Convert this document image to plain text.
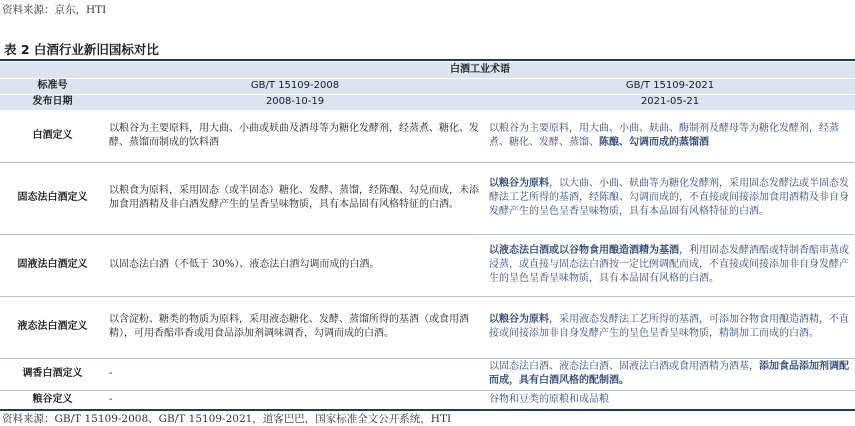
资料来源：京东，HTI
表 2 白酒行业新旧国标对比
	白酒工业术语	
标准号	GB/T 15109-2008	GB/T 15109-2021
发布日期	2008-10-19	2021-05-21
白酒定义	以粮谷为主要原料，用大曲、小曲或麸曲及酒母等为糖化发酵剂，经蒸煮、糖化、发酵、蒸馏而制成的饮料酒	以粮谷为主要原料，用大曲、小曲、麸曲、酶制剂及酵母等为糖化发酵剂，经蒸煮、糖化、发酵、蒸馏、陈酿、勾调而成的蒸馏酒
固态法白酒定义	以粮食为原料，采用固态（或半固态）糖化、发酵、蒸馏，经陈酿、勾兑而成，未添加食用酒精及非白酒发酵产生的呈香呈味物质，具有本品固有风格特征的白酒。	以粮谷为原料，以大曲、小曲、麸曲等为糖化发酵剂，采用固态发酵法或半固态发酵法工艺所得的基酒，经陈酿、勾调而成的，不直接或间接添加食用酒精及非自身发酵产生的呈色呈香呈味物质，具有本品固有风格特征的白酒。
固液法白酒定义	以固态法白酒（不低于 30%）、液态法白酒勾调而成的白酒。	以液态法白酒或以谷物食用酿造酒精为基酒，利用固态发酵酒醅或特制香醅串蒸或浸蒸，或直接与固态法白酒按一定比例调配而成，不直接或间接添加非自身发酵产生的呈色呈香呈味物质，具有本品固有风格的白酒。
液态法白酒定义	以含淀粉、糖类的物质为原料，采用液态糖化、发酵、蒸馏所得的基酒（或食用酒精），可用香醅串香或用食品添加剂调味调香，勾调而成的白酒。	以粮谷为原料，采用液态发酵法工艺所得的基酒，可添加谷物食用酿造酒精，不直接或间接添加非自身发酵产生的呈色呈香呈味物质，精制加工而成的白酒。
调香白酒定义	-	以固态法白酒、液态法白酒、固液法白酒或食用酒精为酒基，添加食品添加剂调配而成，具有白酒风格的配制酒。
粮谷定义	-	谷物和豆类的原粮和成品粮
资料来源：GB/T 15109-2008、GB/T 15109-2021，道客巴巴，国家标准全文公开系统，HTI
